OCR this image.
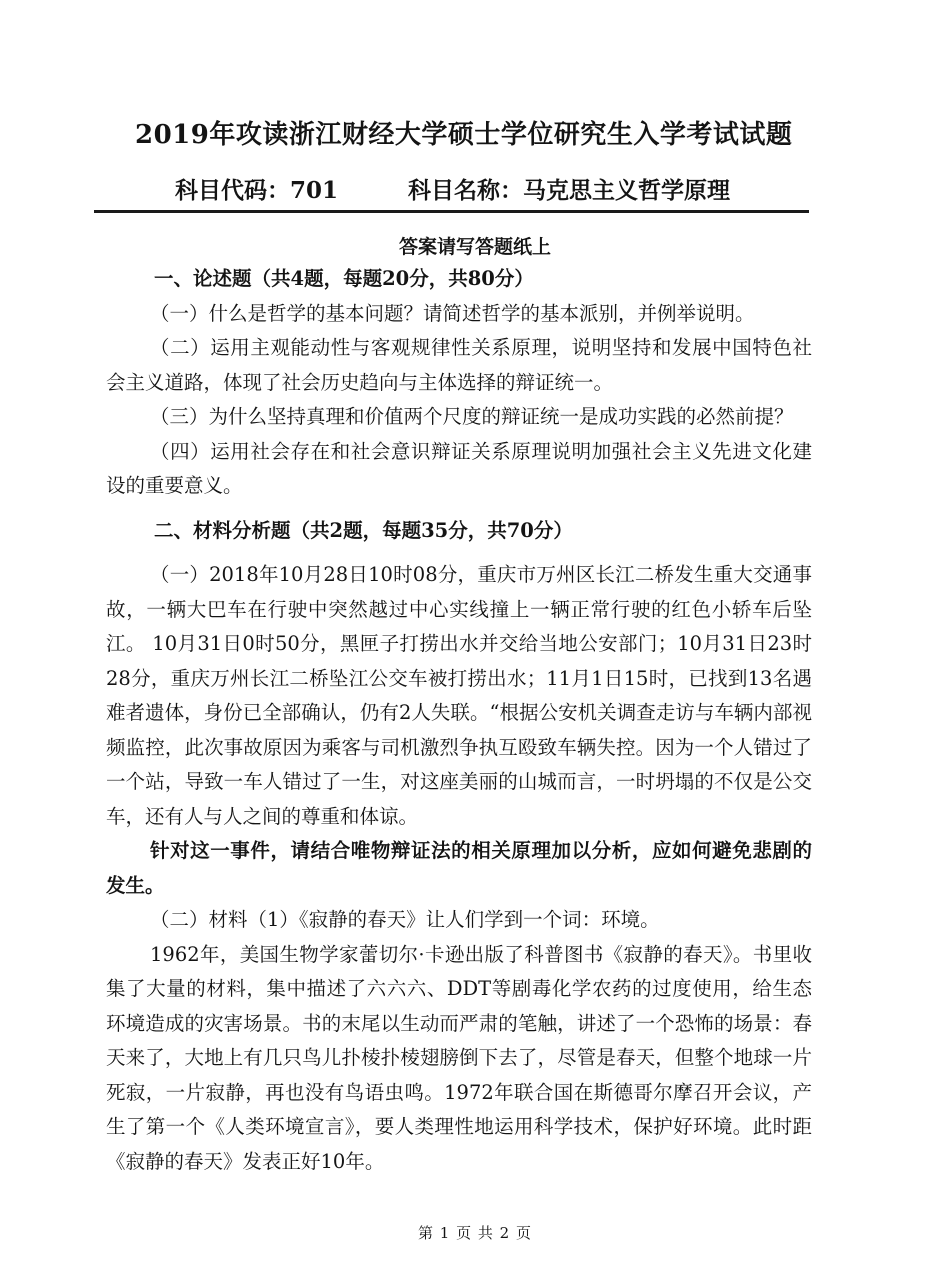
2019年攻读浙江财经大学硕士学位研究生入学考试试题
科目代码：701	科目名称：马克思主义哲学原理
答案请写答题纸上

一、论述题（共4题，每题20分，共80分）

（一）什么是哲学的基本问题？请简述哲学的基本派别，并例举说明。

（二）运用主观能动性与客观规律性关系原理，说明坚持和发展中国特色社会主义道路，体现了社会历史趋向与主体选择的辩证统一。

（三）为什么坚持真理和价值两个尺度的辩证统一是成功实践的必然前提？

（四）运用社会存在和社会意识辩证关系原理说明加强社会主义先进文化建设的重要意义。

二、材料分析题（共2题，每题35分，共70分）

（一）2018年10月28日10时08分，重庆市万州区长江二桥发生重大交通事故，一辆大巴车在行驶中突然越过中心实线撞上一辆正常行驶的红色小轿车后坠江。 10月31日0时50分，黑匣子打捞出水并交给当地公安部门；10月31日23时28分，重庆万州长江二桥坠江公交车被打捞出水；11月1日15时，已找到13名遇难者遗体，身份已全部确认，仍有2人失联。“根据公安机关调查走访与车辆内部视频监控，此次事故原因为乘客与司机激烈争执互殴致车辆失控。因为一个人错过了一个站，导致一车人错过了一生，对这座美丽的山城而言，一时坍塌的不仅是公交车，还有人与人之间的尊重和体谅。

针对这一事件，请结合唯物辩证法的相关原理加以分析，应如何避免悲剧的发生。

（二）材料（1）《寂静的春天》让人们学到一个词：环境。

1962年，美国生物学家蕾切尔·卡逊出版了科普图书《寂静的春天》。书里收集了大量的材料，集中描述了六六六、DDT等剧毒化学农药的过度使用，给生态环境造成的灾害场景。书的末尾以生动而严肃的笔触，讲述了一个恐怖的场景：春天来了，大地上有几只鸟儿扑棱扑棱翅膀倒下去了，尽管是春天，但整个地球一片死寂，一片寂静，再也没有鸟语虫鸣。1972年联合国在斯德哥尔摩召开会议，产生了第一个《人类环境宣言》，要人类理性地运用科学技术，保护好环境。此时距《寂静的春天》发表正好10年。

第 1 页 共 2 页
